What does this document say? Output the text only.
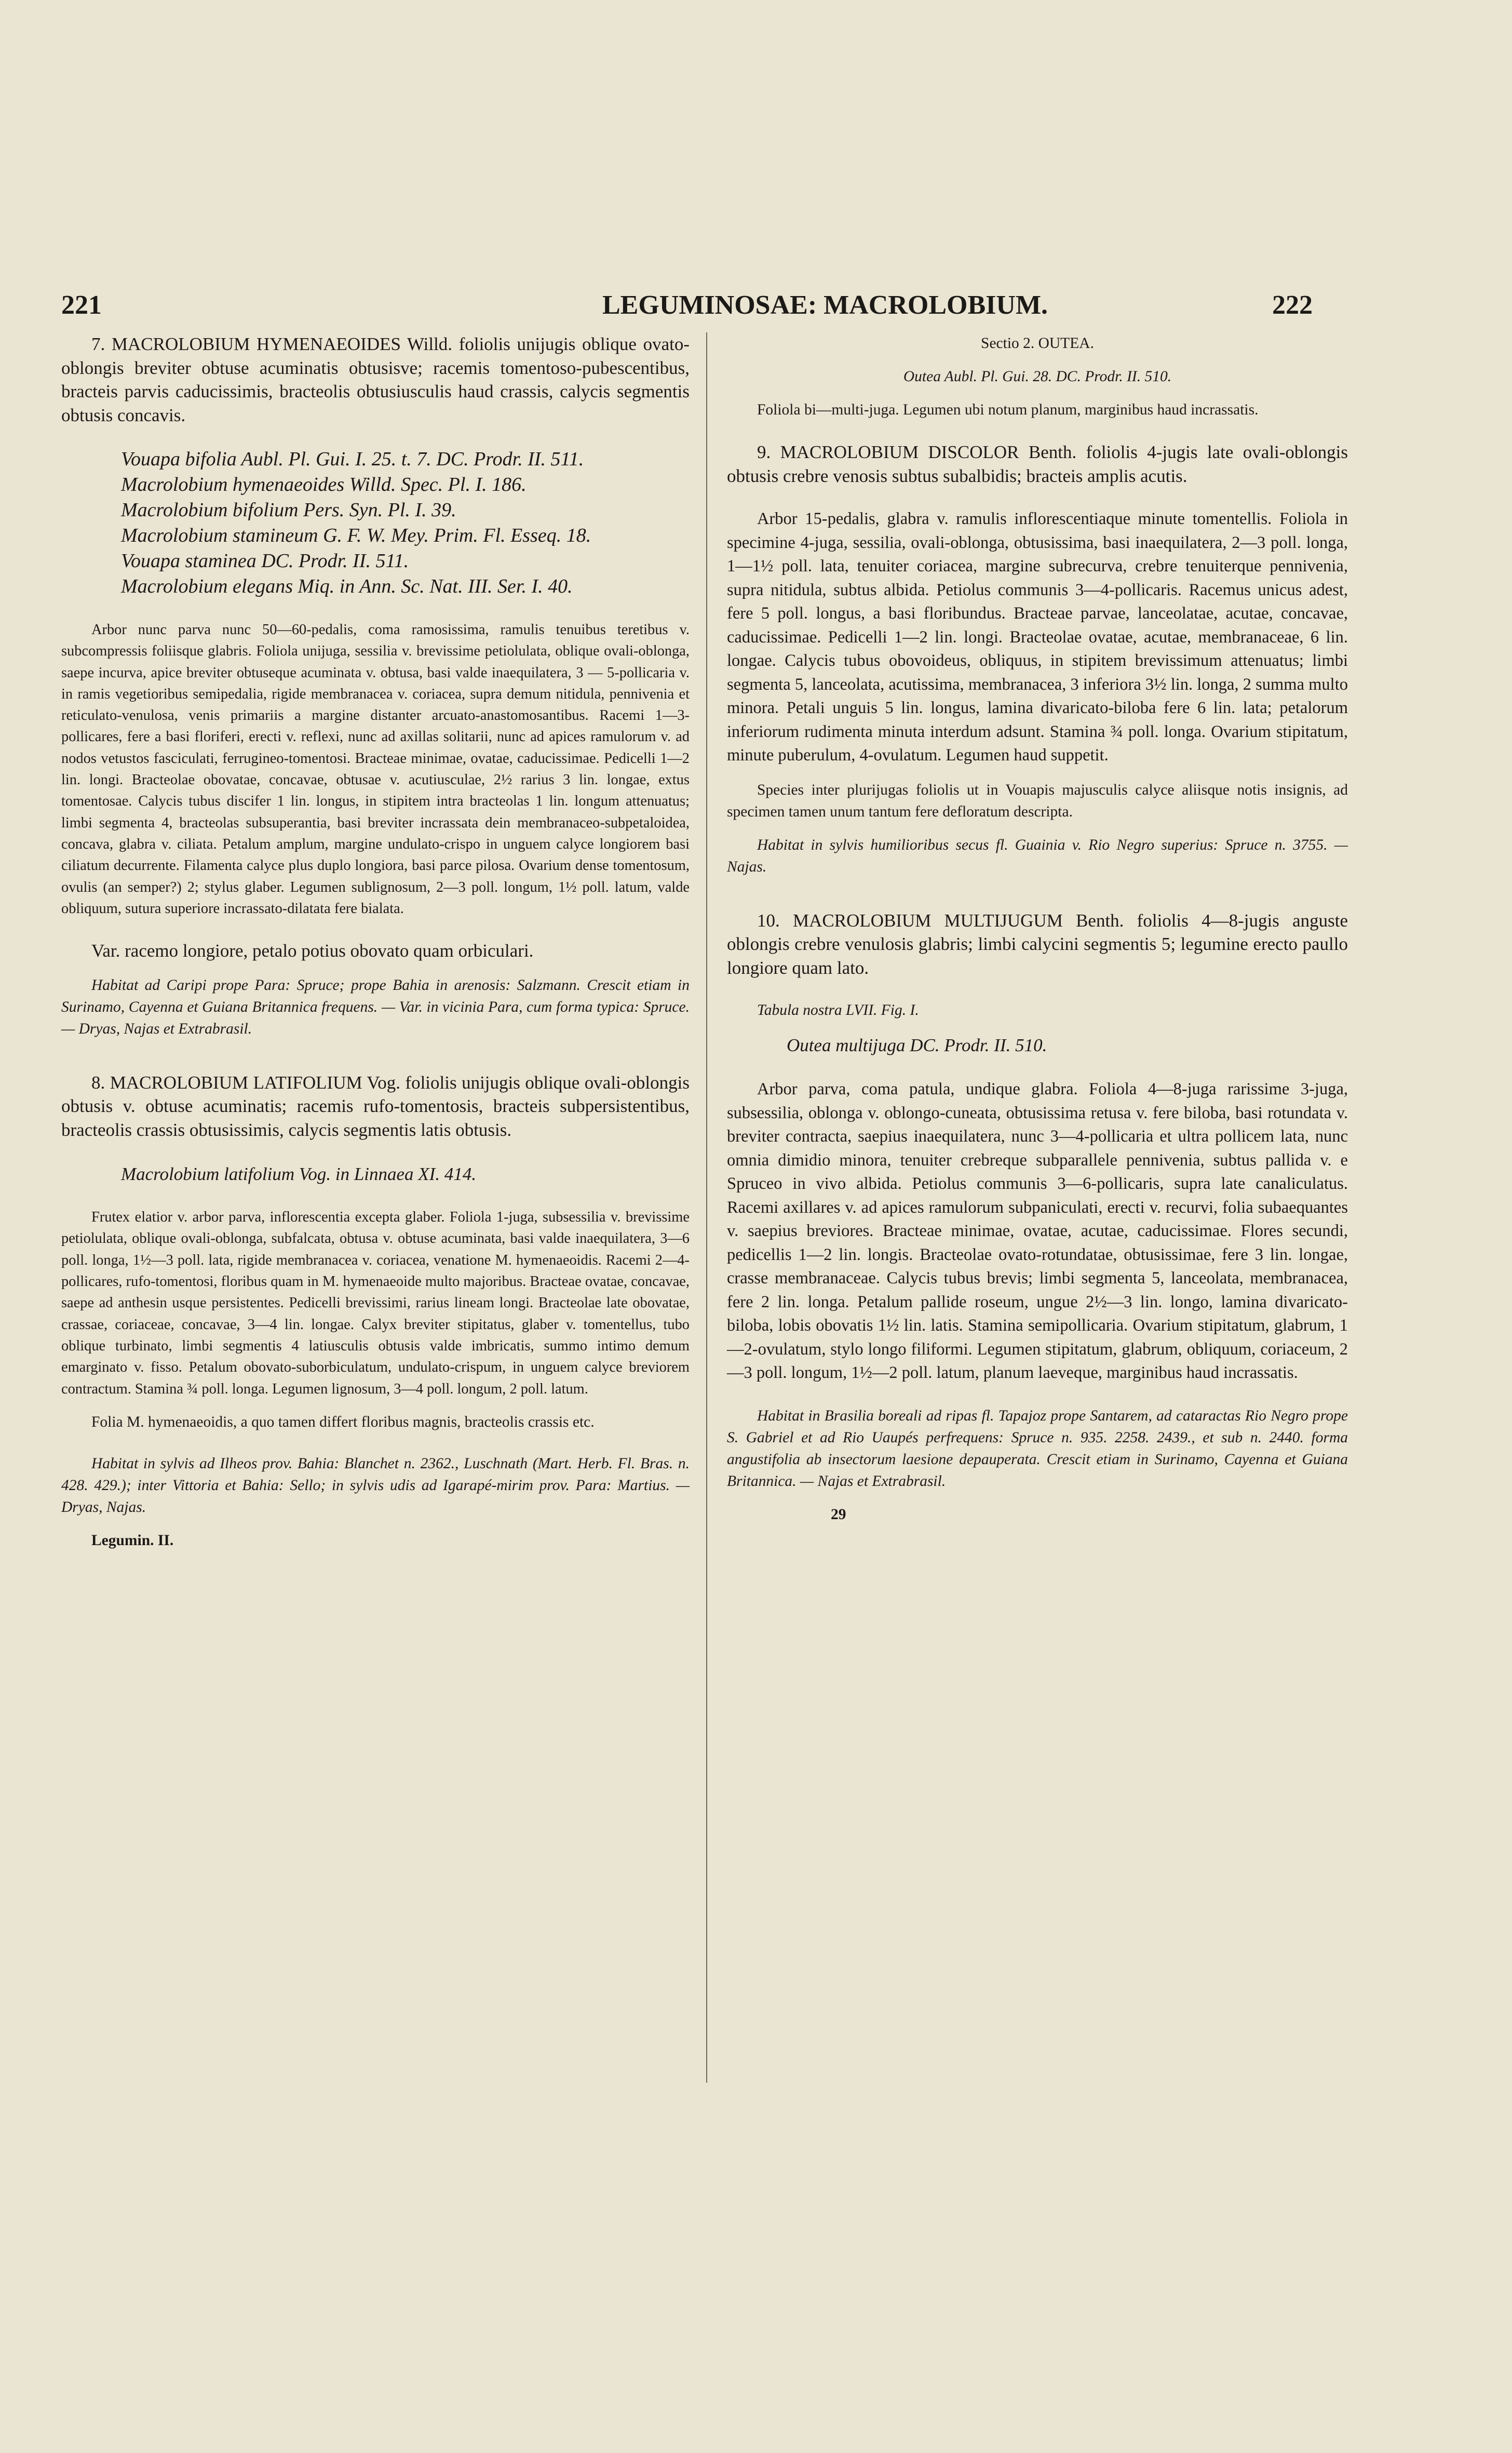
221	LEGUMINOSAE: MACROLOBIUM.	222

7. MACROLOBIUM HYMENAEOIDES Willd. foliolis unijugis oblique ovato-oblongis breviter obtuse acuminatis obtusisve; racemis tomentoso-pubescentibus, bracteis parvis caducissimis, bracteolis obtusiusculis haud crassis, calycis segmentis obtusis concavis.

Vouapa bifolia Aubl. Pl. Gui. I. 25. t. 7. DC. Prodr. II. 511.

Macrolobium hymenaeoides Willd. Spec. Pl. I. 186.

Macrolobium bifolium Pers. Syn. Pl. I. 39.

Macrolobium stamineum G. F. W. Mey. Prim. Fl. Esseq. 18.

Vouapa staminea DC. Prodr. II. 511.

Macrolobium elegans Miq. in Ann. Sc. Nat. III. Ser. I. 40.

Arbor nunc parva nunc 50—60-pedalis, coma ramosissima, ramulis tenuibus teretibus v. subcompressis foliisque glabris. Foliola unijuga, sessilia v. brevissime petiolulata, oblique ovali-oblonga, saepe incurva, apice breviter obtuseque acuminata v. obtusa, basi valde inaequilatera, 3 — 5-pollicaria v. in ramis vegetioribus semipedalia, rigide membranacea v. coriacea, supra demum nitidula, pennivenia et reticulato-venulosa, venis primariis a margine distanter arcuato-anastomosantibus. Racemi 1—3-pollicares, fere a basi floriferi, erecti v. reflexi, nunc ad axillas solitarii, nunc ad apices ramulorum v. ad nodos vetustos fasciculati, ferrugineo-tomentosi. Bracteae minimae, ovatae, caducissimae. Pedicelli 1—2 lin. longi. Bracteolae obovatae, concavae, obtusae v. acutiusculae, 2½ rarius 3 lin. longae, extus tomentosae. Calycis tubus discifer 1 lin. longus, in stipitem intra bracteolas 1 lin. longum attenuatus; limbi segmenta 4, bracteolas subsuperantia, basi breviter incrassata dein membranaceo-subpetaloidea, concava, glabra v. ciliata. Petalum amplum, margine undulato-crispo in unguem calyce longiorem basi ciliatum decurrente. Filamenta calyce plus duplo longiora, basi parce pilosa. Ovarium dense tomentosum, ovulis (an semper?) 2; stylus glaber. Legumen sublignosum, 2—3 poll. longum, 1½ poll. latum, valde obliquum, sutura superiore incrassato-dilatata fere bialata.

Var. racemo longiore, petalo potius obovato quam orbiculari.

Habitat ad Caripi prope Para: Spruce; prope Bahia in arenosis: Salzmann. Crescit etiam in Surinamo, Cayenna et Guiana Britannica frequens. — Var. in vicinia Para, cum forma typica: Spruce. — Dryas, Najas et Extrabrasil.

8. MACROLOBIUM LATIFOLIUM Vog. foliolis unijugis oblique ovali-oblongis obtusis v. obtuse acuminatis; racemis rufo-tomentosis, bracteis subpersistentibus, bracteolis crassis obtusissimis, calycis segmentis latis obtusis.

Macrolobium latifolium Vog. in Linnaea XI. 414.

Frutex elatior v. arbor parva, inflorescentia excepta glaber. Foliola 1-juga, subsessilia v. brevissime petiolulata, oblique ovali-oblonga, subfalcata, obtusa v. obtuse acuminata, basi valde inaequilatera, 3—6 poll. longa, 1½—3 poll. lata, rigide membranacea v. coriacea, venatione M. hymenaeoidis. Racemi 2—4-pollicares, rufo-tomentosi, floribus quam in M. hymenaeoide multo majoribus. Bracteae ovatae, concavae, saepe ad anthesin usque persistentes. Pedicelli brevissimi, rarius lineam longi. Bracteolae late obovatae, crassae, coriaceae, concavae, 3—4 lin. longae. Calyx breviter stipitatus, glaber v. tomentellus, tubo oblique turbinato, limbi segmentis 4 latiusculis obtusis valde imbricatis, summo intimo demum emarginato v. fisso. Petalum obovato-suborbiculatum, undulato-crispum, in unguem calyce breviorem contractum. Stamina ¾ poll. longa. Legumen lignosum, 3—4 poll. longum, 2 poll. latum.

Folia M. hymenaeoidis, a quo tamen differt floribus magnis, bracteolis crassis etc.

Habitat in sylvis ad Ilheos prov. Bahia: Blanchet n. 2362., Luschnath (Mart. Herb. Fl. Bras. n. 428. 429.); inter Vittoria et Bahia: Sello; in sylvis udis ad Igarapé-mirim prov. Para: Martius. — Dryas, Najas.

Legumin. II.

Sectio 2. OUTEA.

Outea Aubl. Pl. Gui. 28. DC. Prodr. II. 510.

Foliola bi—multi-juga. Legumen ubi notum planum, marginibus haud incrassatis.

9. MACROLOBIUM DISCOLOR Benth. foliolis 4-jugis late ovali-oblongis obtusis crebre venosis subtus subalbidis; bracteis amplis acutis.

Arbor 15-pedalis, glabra v. ramulis inflorescentiaque minute tomentellis. Foliola in specimine 4-juga, sessilia, ovali-oblonga, obtusissima, basi inaequilatera, 2—3 poll. longa, 1—1½ poll. lata, tenuiter coriacea, margine subrecurva, crebre tenuiterque pennivenia, supra nitidula, subtus albida. Petiolus communis 3—4-pollicaris. Racemus unicus adest, fere 5 poll. longus, a basi floribundus. Bracteae parvae, lanceolatae, acutae, concavae, caducissimae. Pedicelli 1—2 lin. longi. Bracteolae ovatae, acutae, membranaceae, 6 lin. longae. Calycis tubus obovoideus, obliquus, in stipitem brevissimum attenuatus; limbi segmenta 5, lanceolata, acutissima, membranacea, 3 inferiora 3½ lin. longa, 2 summa multo minora. Petali unguis 5 lin. longus, lamina divaricato-biloba fere 6 lin. lata; petalorum inferiorum rudimenta minuta interdum adsunt. Stamina ¾ poll. longa. Ovarium stipitatum, minute puberulum, 4-ovulatum. Legumen haud suppetit.

Species inter plurijugas foliolis ut in Vouapis majusculis calyce aliisque notis insignis, ad specimen tamen unum tantum fere defloratum descripta.

Habitat in sylvis humilioribus secus fl. Guainia v. Rio Negro superius: Spruce n. 3755. — Najas.

10. MACROLOBIUM MULTIJUGUM Benth. foliolis 4—8-jugis anguste oblongis crebre venulosis glabris; limbi calycini segmentis 5; legumine erecto paullo longiore quam lato.

Tabula nostra LVII. Fig. I.

Outea multijuga DC. Prodr. II. 510.

Arbor parva, coma patula, undique glabra. Foliola 4—8-juga rarissime 3-juga, subsessilia, oblonga v. oblongo-cuneata, obtusissima retusa v. fere biloba, basi rotundata v. breviter contracta, saepius inaequilatera, nunc 3—4-pollicaria et ultra pollicem lata, nunc omnia dimidio minora, tenuiter crebreque subparallele pennivenia, subtus pallida v. e Spruceo in vivo albida. Petiolus communis 3—6-pollicaris, supra late canaliculatus. Racemi axillares v. ad apices ramulorum subpaniculati, erecti v. recurvi, folia subaequantes v. saepius breviores. Bracteae minimae, ovatae, acutae, caducissimae. Flores secundi, pedicellis 1—2 lin. longis. Bracteolae ovato-rotundatae, obtusissimae, fere 3 lin. longae, crasse membranaceae. Calycis tubus brevis; limbi segmenta 5, lanceolata, membranacea, fere 2 lin. longa. Petalum pallide roseum, ungue 2½—3 lin. longo, lamina divaricato-biloba, lobis obovatis 1½ lin. latis. Stamina semipollicaria. Ovarium stipitatum, glabrum, 1—2-ovulatum, stylo longo filiformi. Legumen stipitatum, glabrum, obliquum, coriaceum, 2—3 poll. longum, 1½—2 poll. latum, planum laeveque, marginibus haud incrassatis.

Habitat in Brasilia boreali ad ripas fl. Tapajoz prope Santarem, ad cataractas Rio Negro prope S. Gabriel et ad Rio Uaupés perfrequens: Spruce n. 935. 2258. 2439., et sub n. 2440. forma angustifolia ab insectorum laesione depauperata. Crescit etiam in Surinamo, Cayenna et Guiana Britannica. — Najas et Extrabrasil.

29
